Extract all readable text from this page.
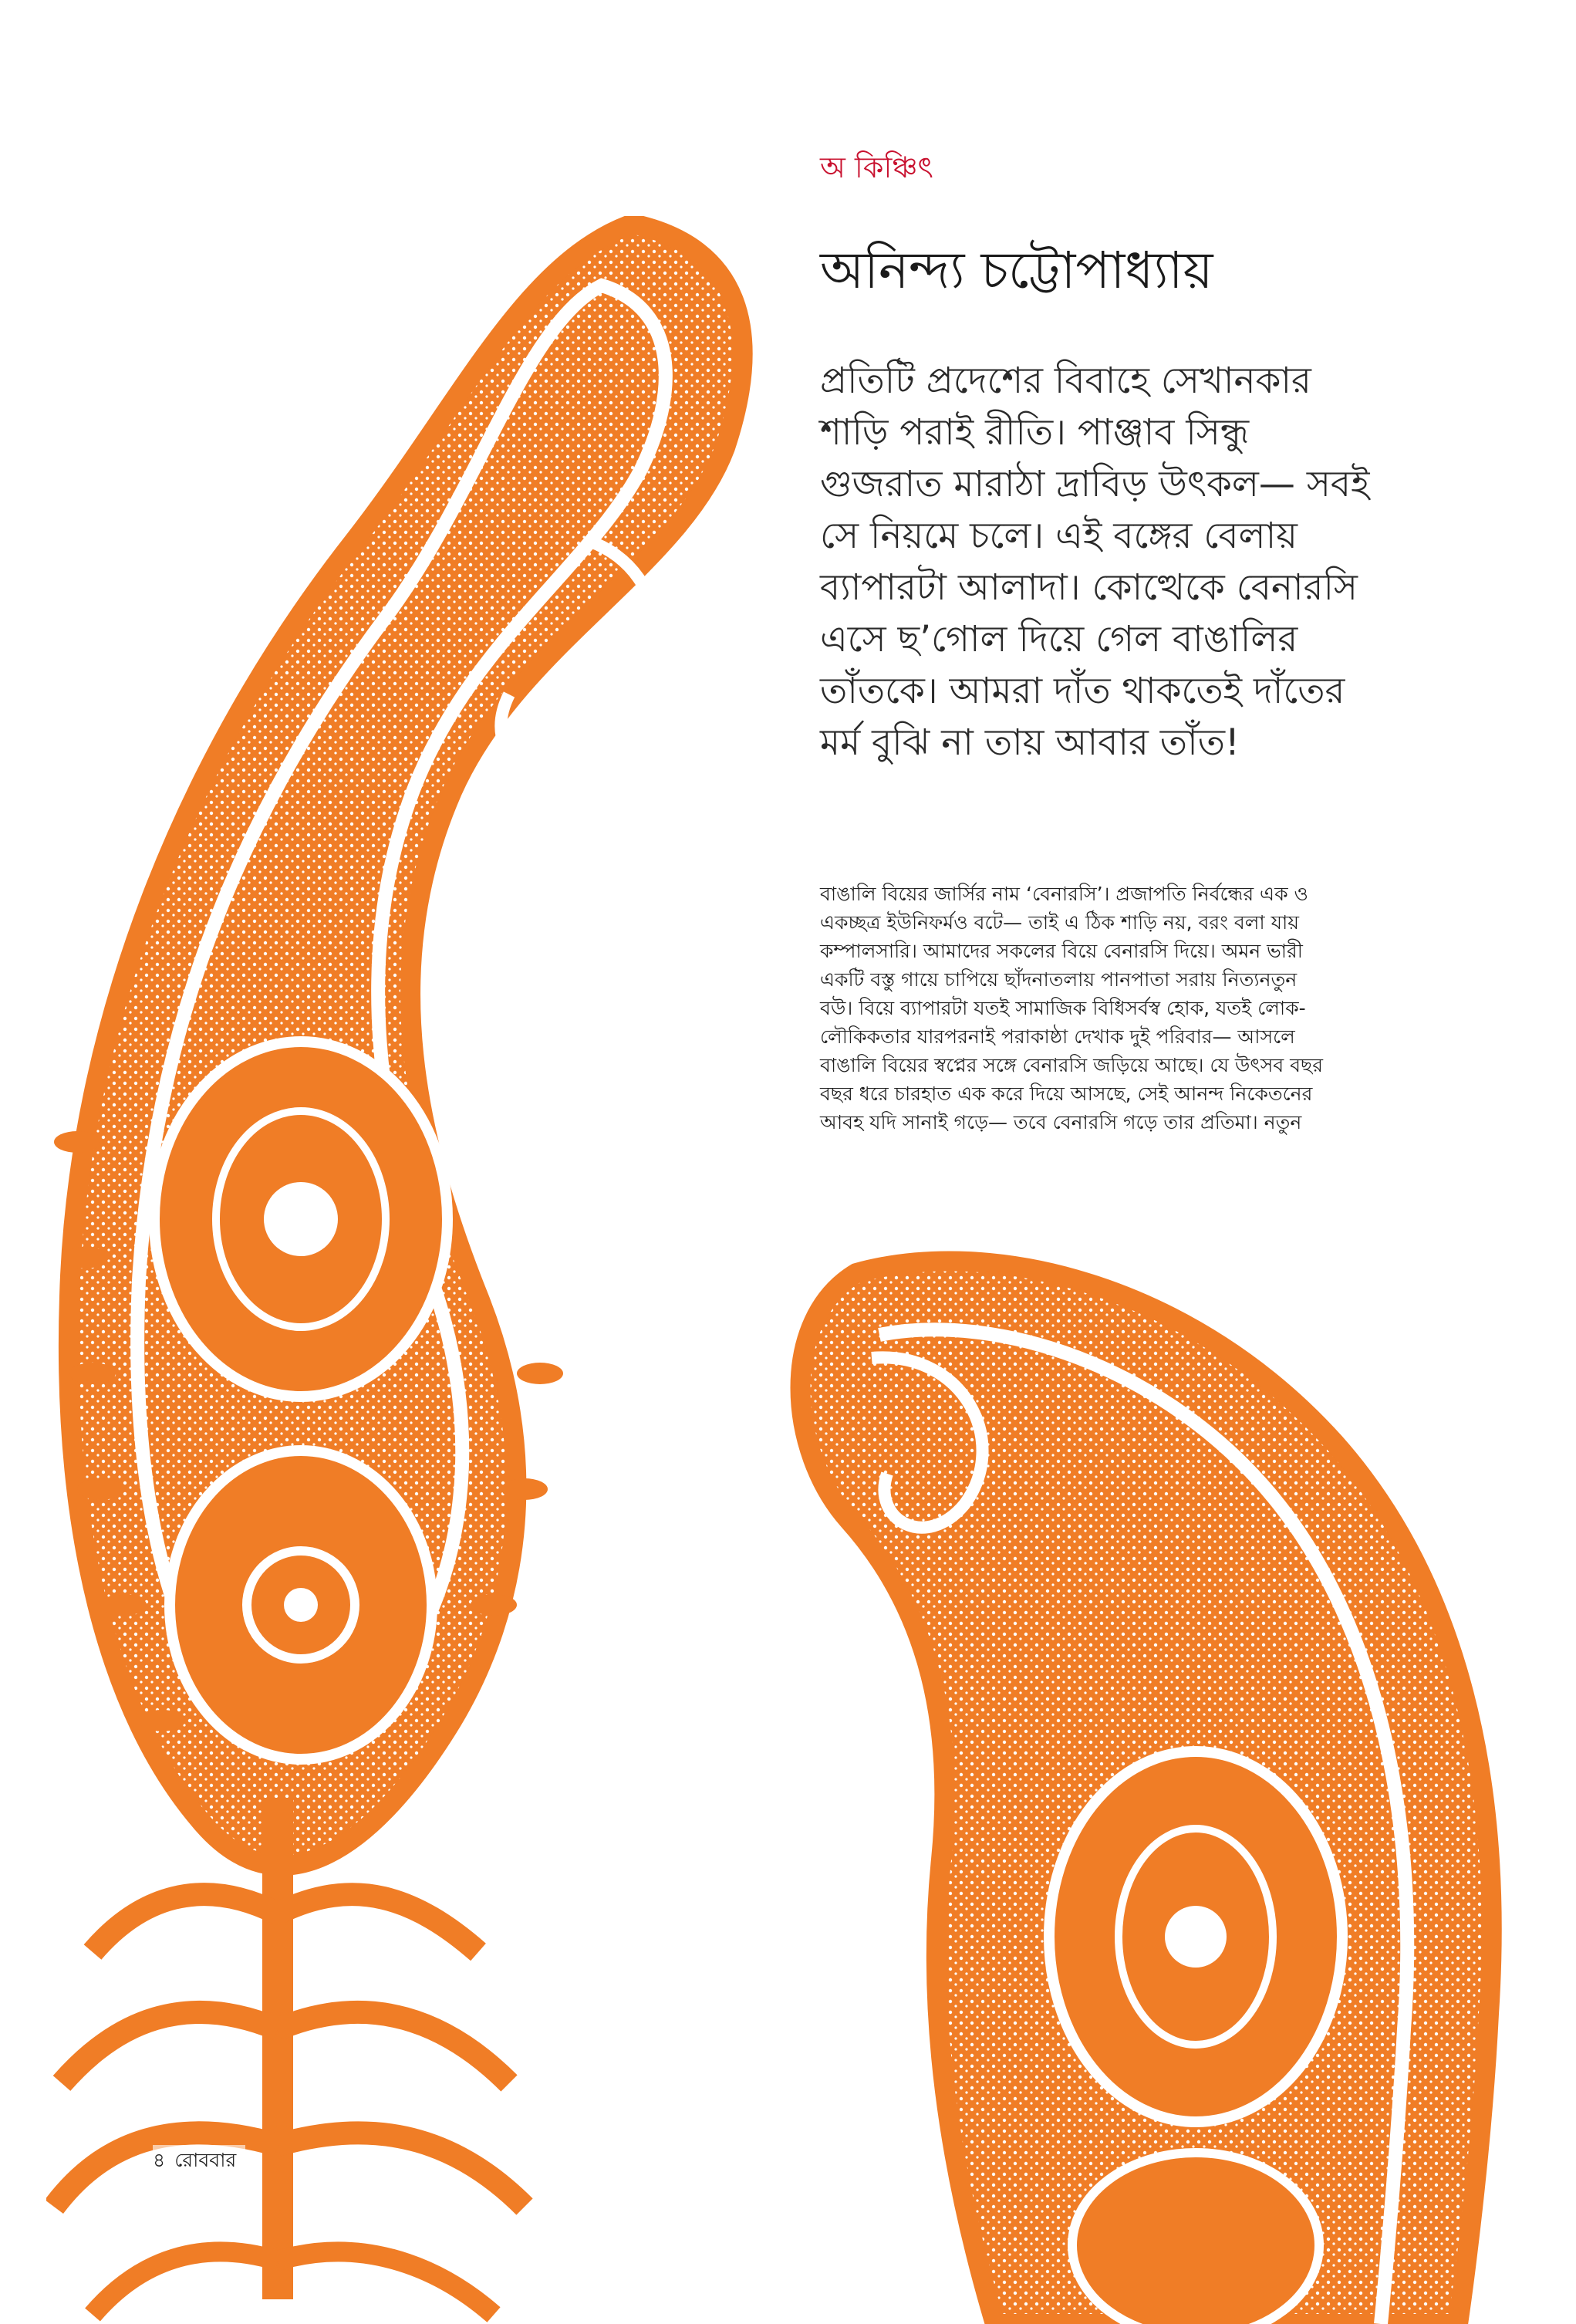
অ কিঞ্চিৎ
অনিন্দ্য চট্টোপাধ্যায়
প্রতিটি প্রদেশের বিবাহে সেখানকার
শাড়ি পরাই রীতি। পাঞ্জাব সিন্ধু
গুজরাত মারাঠা দ্রাবিড় উৎকল— সবই
সে নিয়মে চলে। এই বঙ্গের বেলায়
ব্যাপারটা আলাদা। কোত্থেকে বেনারসি
এসে ছ’গোল দিয়ে গেল বাঙালির
তাঁতকে। আমরা দাঁত থাকতেই দাঁতের
মর্ম বুঝি না তায় আবার তাঁত!
বাঙালি বিয়ের জার্সির নাম ‘বেনারসি’। প্রজাপতি নির্বন্ধের এক ও
একচ্ছত্র ইউনিফর্মও বটে— তাই এ ঠিক শাড়ি নয়, বরং বলা যায়
কম্পালসারি। আমাদের সকলের বিয়ে বেনারসি দিয়ে। অমন ভারী
একটি বস্তু গায়ে চাপিয়ে ছাঁদনাতলায় পানপাতা সরায় নিত্যনতুন
বউ। বিয়ে ব্যাপারটা যতই সামাজিক বিধিসর্বস্ব হোক, যতই লোক-
লৌকিকতার যারপরনাই পরাকাষ্ঠা দেখাক দুই পরিবার— আসলে
বাঙালি বিয়ের স্বপ্নের সঙ্গে বেনারসি জড়িয়ে আছে। যে উৎসব বছর
বছর ধরে চারহাত এক করে দিয়ে আসছে, সেই আনন্দ নিকেতনের
আবহ যদি সানাই গড়ে— তবে বেনারসি গড়ে তার প্রতিমা। নতুন
৪ রোববার
